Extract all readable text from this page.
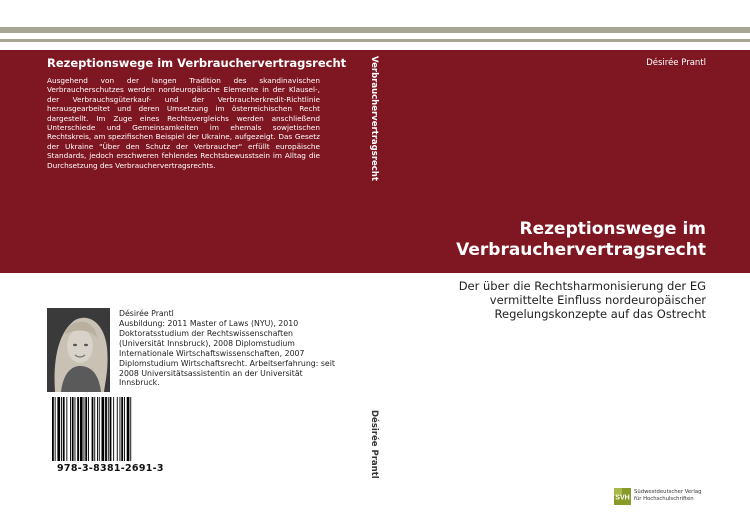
Rezeptionswege im Verbrauchervertragsrecht
Ausgehend von der langen Tradition des skandinavischen Verbraucherschutzes werden nordeuropäische Elemente in der Klausel-, der Verbrauchsgüterkauf- und der Verbraucherkredit-Richtlinie herausgearbeitet und deren Umsetzung im österreichischen Recht dargestellt. Im Zuge eines Rechtsvergleichs werden anschließend Unterschiede und Gemeinsamkeiten im ehemals sowjetischen Rechtskreis, am spezifischen Beispiel der Ukraine, aufgezeigt. Das Gesetz der Ukraine "Über den Schutz der Verbraucher" erfüllt europäische Standards, jedoch erschweren fehlendes Rechtsbewusstsein im Alltag die Durchsetzung des Verbrauchervertragsrechts.	Verbrauchervertragsrecht
Désirée Prantl
Désirée Prantl
Rezeptionswege im Verbrauchervertragsrecht
Der über die Rechtsharmonisierung der EG vermittelte Einfluss nordeuropäischer Regelungskonzepte auf das Ostrecht
Désirée Prantl
Ausbildung: 2011 Master of Laws (NYU), 2010 Doktoratsstudium der Rechtswissenschaften (Universität Innsbruck), 2008 Diplomstudium Internationale Wirtschaftswissenschaften, 2007 Diplomstudium Wirtschaftsrecht. Arbeitserfahrung: seit 2008 Universitätsassistentin an der Universität Innsbruck.
978-3-8381-2691-3
SVH
Südwestdeutscher Verlag
für Hochschulschriften
